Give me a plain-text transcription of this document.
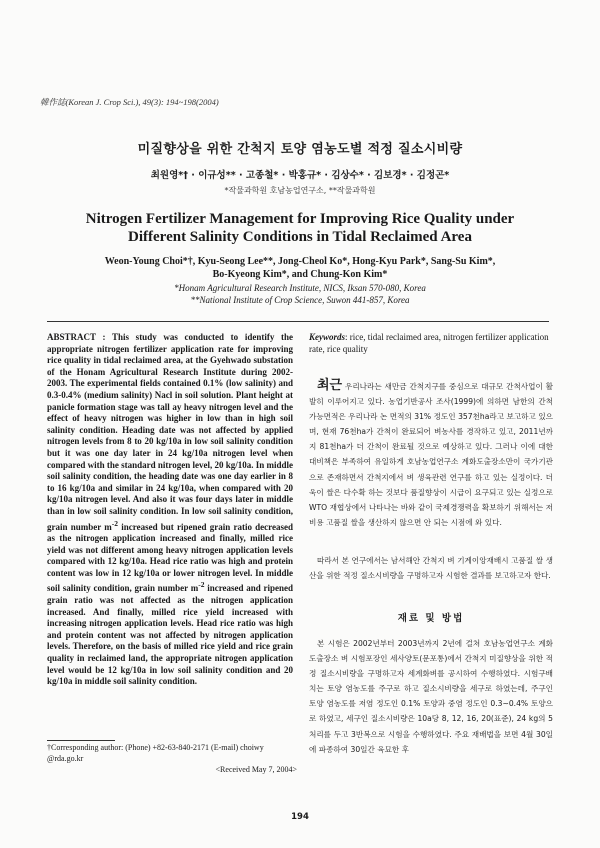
韓作誌(Korean J. Crop Sci.), 49(3): 194~198(2004)
미질향상을 위한 간척지 토양 염농도별 적정 질소시비량
최원영*† · 이규성** · 고종철* · 박홍규* · 김상수* · 김보경* · 김정곤*
*작물과학원 호남농업연구소, **작물과학원
Nitrogen Fertilizer Management for Improving Rice Quality under
Different Salinity Conditions in Tidal Reclaimed Area
Weon-Young Choi*†, Kyu-Seong Lee**, Jong-Cheol Ko*, Hong-Kyu Park*, Sang-Su Kim*,
Bo-Kyeong Kim*, and Chung-Kon Kim*
*Honam Agricultural Research Institute, NICS, Iksan 570-080, Korea
**National Institute of Crop Science, Suwon 441-857, Korea
ABSTRACT : This study was conducted to identify the appropriate nitrogen fertilizer application rate for improving rice quality in tidal reclaimed area, at the Gyehwado substation of the Honam Agricultural Research Institute during 2002-2003. The experimental fields contained 0.1% (low salinity) and 0.3-0.4% (medium salinity) Nacl in soil solution. Plant height at panicle formation stage was tall ay heavy nitrogen level and the effect of heavy nitrogen was higher in low than in high soil salinity condition. Heading date was not affected by applied nitrogen levels from 8 to 20 kg/10a in low soil salinity condition but it was one day later in 24 kg/10a nitrogen level when compared with the standard nitrogen level, 20 kg/10a. In middle soil salinity condition, the heading date was one day earlier in 8 to 16 kg/10a and similar in 24 kg/10a, when compared with 20 kg/10a nitrogen level. And also it was four days later in middle than in low soil salinity condition. In low soil salinity condition, grain number $m^{-2}$ increased but ripened grain ratio decreased as the nitrogen application increased and finally, milled rice yield was not different among heavy nitrogen application levels compared with 12 kg/10a. Head rice ratio was high and protein content was low in 12 kg/10a or lower nitrogen level. In middle soil salinity condition, grain number $m^{-2}$ increased and ripened grain ratio was not affected as the nitrogen application increased. And finally, milled rice yield increased with increasing nitrogen application levels. Head rice ratio was high and protein content was not affected by nitrogen application levels. Therefore, on the basis of milled rice yield and rice grain quality in reclaimed land, the appropriate nitrogen application level would be 12 kg/10a in low soil salinity condition and 20 kg/10a in middle soil salinity condition.
Keywords: rice, tidal reclaimed area, nitrogen fertilizer application rate, rice quality
최근 우리나라는 새만금 간척지구를 중심으로 대규모 간척사업이 활발히 이루어지고 있다. 농업기반공사 조사(1999)에 의하면 남한의 간척 가능면적은 우리나라 논 면적의 31% 정도인 357천ha라고 보고하고 있으며, 현재 76천ha가 간척이 완료되어 벼농사를 경작하고 있고, 2011년까지 81천ha가 더 간척이 완료될 것으로 예상하고 있다. 그러나 이에 대한 대비책은 부족하여 유일하게 호남농업연구소 계화도출장소만이 국가기관으로 존재하면서 간척지에서 벼 생육관련 연구를 하고 있는 실정이다. 더욱이 쌀은 다수확 하는 것보다 품질향상이 시급이 요구되고 있는 실정으로 WTO 재협상에서 나타나는 바와 같이 국제경쟁력을 확보하기 위해서는 저비용 고품질 쌀을 생산하지 않으면 안 되는 시점에 와 있다.
따라서 본 연구에서는 남서해안 간척지 벼 기계이앙재배시 고품질 쌀 생산을 위한 적정 질소시비량을 구명하고자 시험한 결과를 보고하고자 한다.
재료 및 방법
본 시험은 2002년부터 2003년까지 2년에 걸쳐 호남농업연구소 계화도출장소 벼 시험포장인 세사양토(문포통)에서 간척지 미질향상을 위한 적정 질소시비량을 구명하고자 세계화벼를 공시하여 수행하였다. 시험구배치는 토양 염농도를 주구로 하고 질소시비량을 세구로 하였는데, 주구인 토양 염농도를 저염 정도인 0.1% 토양과 중염 정도인 0.3~0.4% 토양으로 하였고, 세구인 질소시비량은 10a당 8, 12, 16, 20(표준), 24 kg의 5처리를 두고 3반복으로 시험을 수행하였다. 주요 재배법을 보면 4월 30일에 파종하여 30일간 육묘한 후
†Corresponding author: (Phone) +82-63-840-2171 (E-mail) choiwy
@rda.go.kr
<Received May 7, 2004>
194
